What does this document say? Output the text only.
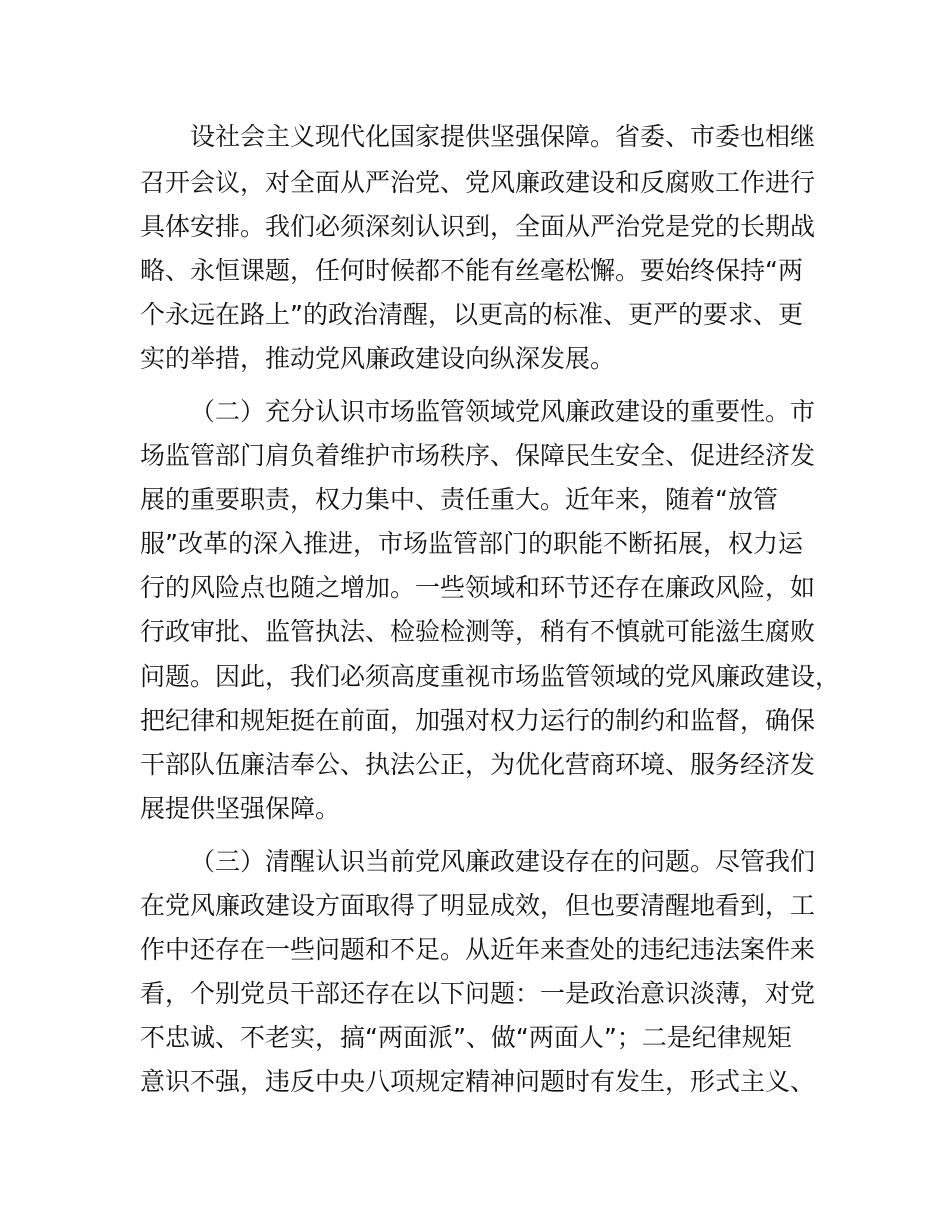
设社会主义现代化国家提供坚强保障。省委、市委也相继
召开会议，对全面从严治党、党风廉政建设和反腐败工作进行
具体安排。我们必须深刻认识到，全面从严治党是党的长期战
略、永恒课题，任何时候都不能有丝毫松懈。要始终保持“两
个永远在路上”的政治清醒，以更高的标准、更严的要求、更
实的举措，推动党风廉政建设向纵深发展。
（二）充分认识市场监管领域党风廉政建设的重要性。市
场监管部门肩负着维护市场秩序、保障民生安全、促进经济发
展的重要职责，权力集中、责任重大。近年来，随着“放管
服”改革的深入推进，市场监管部门的职能不断拓展，权力运
行的风险点也随之增加。一些领域和环节还存在廉政风险，如
行政审批、监管执法、检验检测等，稍有不慎就可能滋生腐败
问题。因此，我们必须高度重视市场监管领域的党风廉政建设，
把纪律和规矩挺在前面，加强对权力运行的制约和监督，确保
干部队伍廉洁奉公、执法公正，为优化营商环境、服务经济发
展提供坚强保障。
（三）清醒认识当前党风廉政建设存在的问题。尽管我们
在党风廉政建设方面取得了明显成效，但也要清醒地看到，工
作中还存在一些问题和不足。从近年来查处的违纪违法案件来
看，个别党员干部还存在以下问题：一是政治意识淡薄，对党
不忠诚、不老实，搞“两面派”、做“两面人”；二是纪律规矩
意识不强，违反中央八项规定精神问题时有发生，形式主义、
